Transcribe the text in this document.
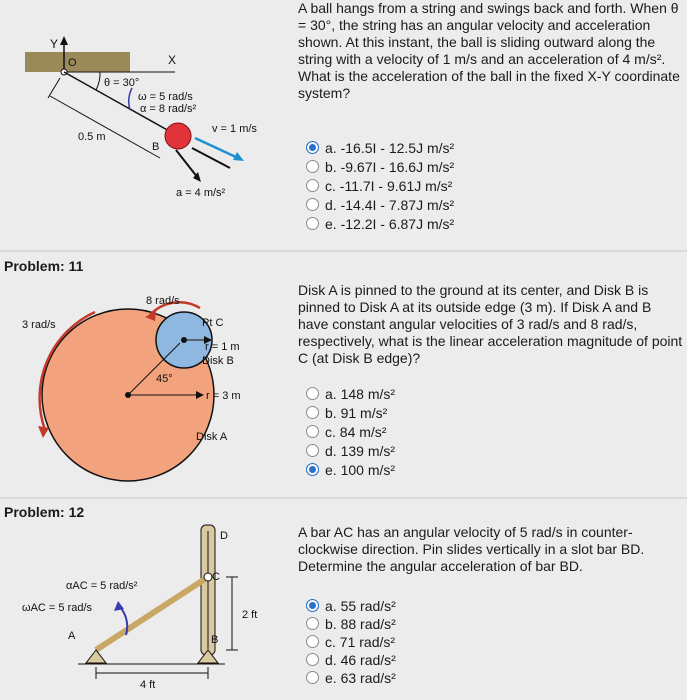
Y
X
O
0.5 m
θ = 30°
ω = 5 rad/s
α = 8 rad/s²
B
v = 1 m/s
a = 4 m/s²
A ball hangs from a string and swings back and forth. When θ = 30°, the string has an angular velocity and acceleration shown. At this instant, the ball is sliding outward along the string with a velocity of 1 m/s and an acceleration of 4 m/s². What is the acceleration of the ball in the fixed X-Y coordinate system?
a. -16.5I - 12.5J m/s²
b. -9.67I - 16.6J m/s²
c. -11.7I - 9.61J m/s²
d. -14.4I - 7.87J m/s²
e. -12.2I - 6.87J m/s²
Problem: 11
8 rad/s
3 rad/s	Pt C
r = 1 m
Disk B
45°
r = 3 m
Disk A
Disk A is pinned to the ground at its center, and Disk B is pinned to Disk A at its outside edge (3 m). If Disk A and B have constant angular velocities of 3 rad/s and 8 rad/s, respectively, what is the linear acceleration magnitude of point C (at Disk B edge)?
a. 148 m/s²
b. 91 m/s²
c. 84 m/s²
d. 139 m/s²
e. 100 m/s²
Problem: 12
D
C
B
A
αAC = 5 rad/s²
ωAC = 5 rad/s
2 ft
4 ft
A bar AC has an angular velocity of 5 rad/s in counter-clockwise direction. Pin slides vertically in a slot bar BD. Determine the angular acceleration of bar BD.
a. 55 rad/s²
b. 88 rad/s²
c. 71 rad/s²
d. 46 rad/s²
e. 63 rad/s²
